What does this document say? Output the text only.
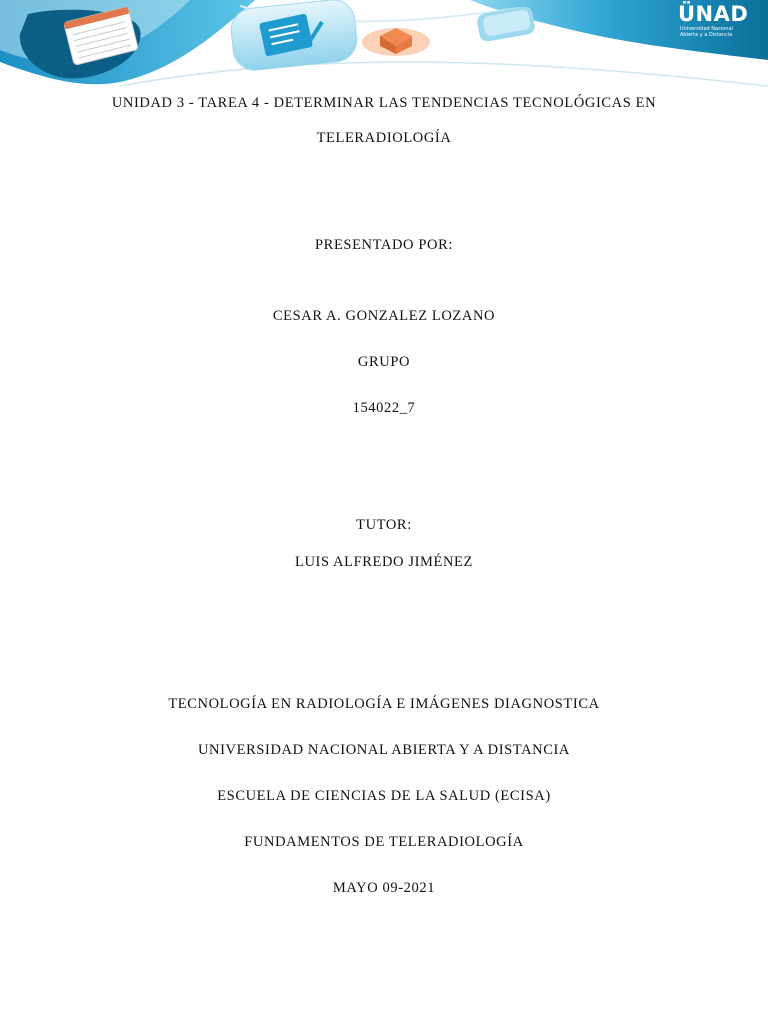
ÜNAD
Universidad Nacional
Abierta y a Distancia
UNIDAD 3 - TAREA 4 - DETERMINAR LAS TENDENCIAS TECNOLÓGICAS EN
TELERADIOLOGÍA
PRESENTADO POR:
CESAR A. GONZALEZ LOZANO
GRUPO
154022_7
TUTOR:
LUIS ALFREDO JIMÉNEZ
TECNOLOGÍA EN RADIOLOGÍA E IMÁGENES DIAGNOSTICA
UNIVERSIDAD NACIONAL ABIERTA Y A DISTANCIA
ESCUELA DE CIENCIAS DE LA SALUD (ECISA)
FUNDAMENTOS DE TELERADIOLOGÍA
MAYO 09-2021
